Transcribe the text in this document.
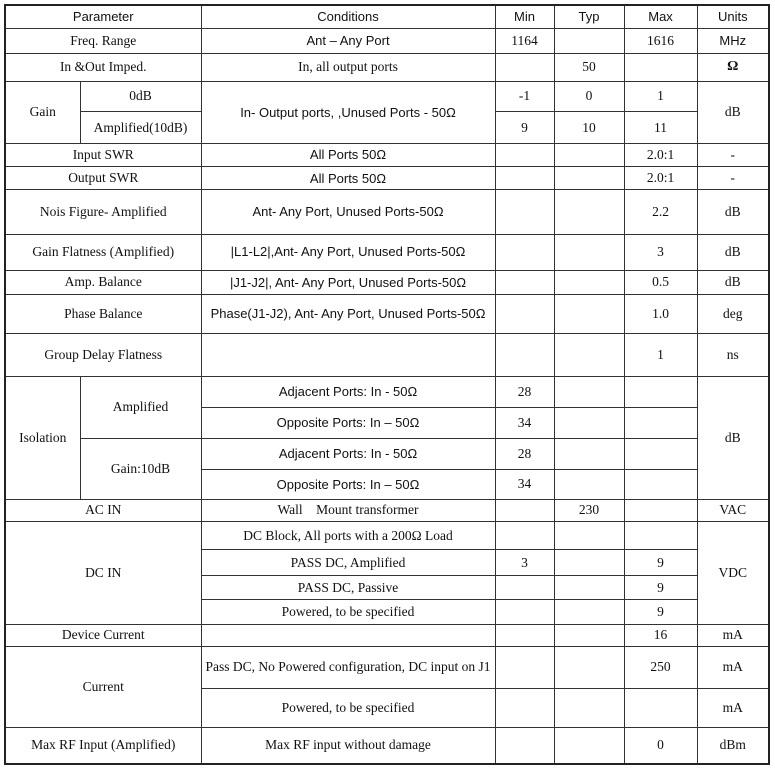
Parameter		Conditions	Min	Typ	Max	Units
Freq. Range		Ant – Any Port	1164		1616	MHz
In &Out Imped.		In, all output ports		50		Ω
Gain	0dB	In- Output ports, ,Unused Ports - 50Ω	-1	0	1	dB
	Amplified(10dB)		9	10	11	
Input SWR		All Ports 50Ω			2.0:1	-
Output SWR		All Ports 50Ω			2.0:1	-
Nois Figure- Amplified		Ant- Any Port, Unused Ports-50Ω			2.2	dB
Gain Flatness (Amplified)		|L1-L2|,Ant- Any Port, Unused Ports-50Ω			3	dB
Amp. Balance		|J1-J2|, Ant- Any Port, Unused Ports-50Ω			0.5	dB
Phase Balance		Phase(J1-J2), Ant- Any Port, Unused Ports-50Ω			1.0	deg
Group Delay Flatness					1	ns
Isolation	Amplified	Adjacent Ports: In - 50Ω	28			dB
		Opposite Ports: In – 50Ω	34			
	Gain:10dB	Adjacent Ports: In - 50Ω	28			
		Opposite Ports: In – 50Ω	34			
AC IN		Wall    Mount transformer		230		VAC
DC IN		DC Block, All ports with a 200Ω Load				VDC
		PASS DC, Amplified	3		9	
		PASS DC, Passive			9	
		Powered, to be specified			9	
Device Current					16	mA
Current		Pass DC, No Powered configuration, DC input on J1			250	mA
		Powered, to be specified				mA
Max RF Input (Amplified)		Max RF input without damage			0	dBm
